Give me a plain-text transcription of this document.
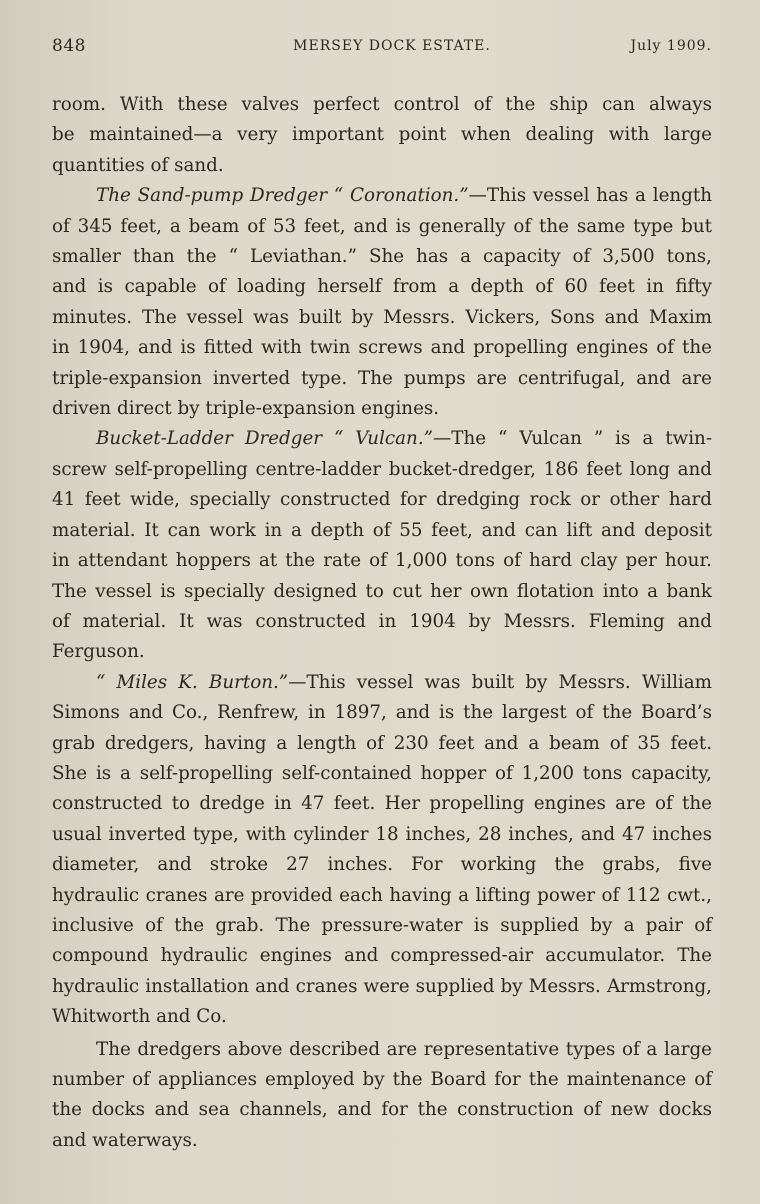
848	MERSEY DOCK ESTATE.	July 1909.

room. With these valves perfect control of the ship can always
be maintained—a very important point when dealing with large
quantities of sand.

The Sand-pump Dredger “ Coronation.”—This vessel has a length
of 345 feet, a beam of 53 feet, and is generally of the same type but
smaller than the “ Leviathan.” She has a capacity of 3,500 tons,
and is capable of loading herself from a depth of 60 feet in fifty
minutes. The vessel was built by Messrs. Vickers, Sons and Maxim
in 1904, and is fitted with twin screws and propelling engines of the
triple-expansion inverted type. The pumps are centrifugal, and are
driven direct by triple-expansion engines.

Bucket-Ladder Dredger “ Vulcan.”—The “ Vulcan ” is a twin-
screw self-propelling centre-ladder bucket-dredger, 186 feet long and
41 feet wide, specially constructed for dredging rock or other hard
material. It can work in a depth of 55 feet, and can lift and deposit
in attendant hoppers at the rate of 1,000 tons of hard clay per hour.
The vessel is specially designed to cut her own flotation into a bank
of material. It was constructed in 1904 by Messrs. Fleming and
Ferguson.

“ Miles K. Burton.”—This vessel was built by Messrs. William
Simons and Co., Renfrew, in 1897, and is the largest of the Board’s
grab dredgers, having a length of 230 feet and a beam of 35 feet.
She is a self-propelling self-contained hopper of 1,200 tons capacity,
constructed to dredge in 47 feet. Her propelling engines are of the
usual inverted type, with cylinder 18 inches, 28 inches, and 47 inches
diameter, and stroke 27 inches. For working the grabs, five
hydraulic cranes are provided each having a lifting power of 112 cwt.,
inclusive of the grab. The pressure-water is supplied by a pair of
compound hydraulic engines and compressed-air accumulator. The
hydraulic installation and cranes were supplied by Messrs. Armstrong,
Whitworth and Co.

The dredgers above described are representative types of a large
number of appliances employed by the Board for the maintenance of
the docks and sea channels, and for the construction of new docks
and waterways.
